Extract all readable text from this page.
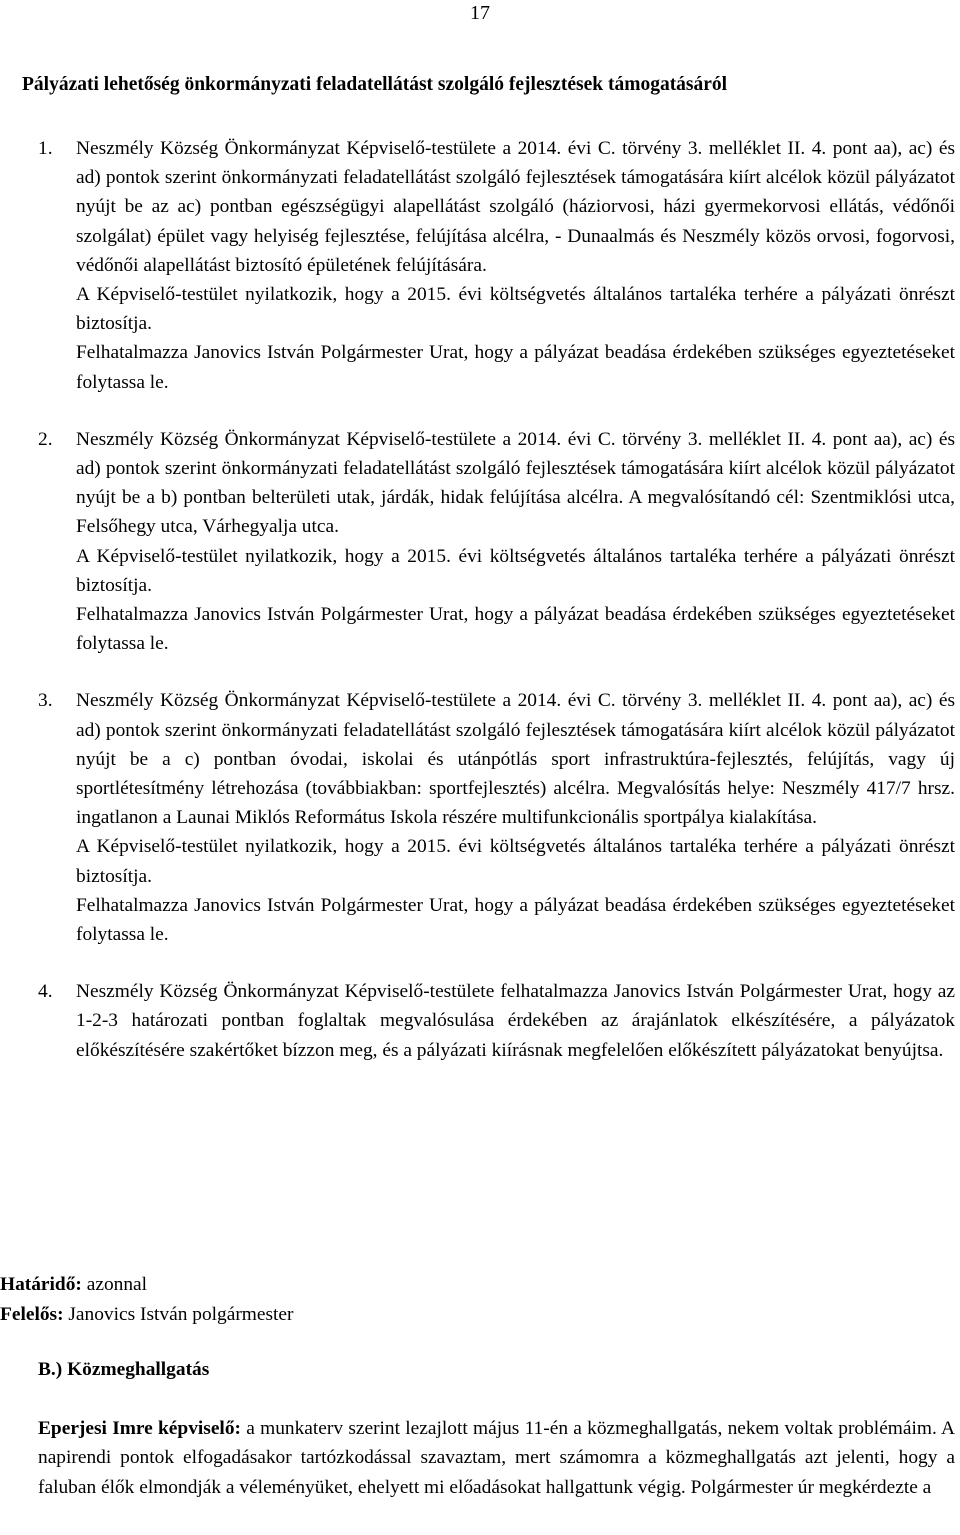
17
Pályázati lehetőség önkormányzati feladatellátást szolgáló fejlesztések támogatásáról
1. Neszmély Község Önkormányzat Képviselő-testülete a 2014. évi C. törvény 3. melléklet II. 4. pont aa), ac) és ad) pontok szerint önkormányzati feladatellátást szolgáló fejlesztések támogatására kiírt alcélok közül pályázatot nyújt be az ac) pontban egészségügyi alapellátást szolgáló (háziorvosi, házi gyermekorvosi ellátás, védőnői szolgálat) épület vagy helyiség fejlesztése, felújítása alcélra, - Dunaalmás és Neszmély közös orvosi, fogorvosi, védőnői alapellátást biztosító épületének felújítására.

A Képviselő-testület nyilatkozik, hogy a 2015. évi költségvetés általános tartaléka terhére a pályázati önrészt biztosítja.

Felhatalmazza Janovics István Polgármester Urat, hogy a pályázat beadása érdekében szükséges egyeztetéseket folytassa le.

2. Neszmély Község Önkormányzat Képviselő-testülete a 2014. évi C. törvény 3. melléklet II. 4. pont aa), ac) és ad) pontok szerint önkormányzati feladatellátást szolgáló fejlesztések támogatására kiírt alcélok közül pályázatot nyújt be a b) pontban belterületi utak, járdák, hidak felújítása alcélra. A megvalósítandó cél: Szentmiklósi utca, Felsőhegy utca, Várhegyalja utca.

A Képviselő-testület nyilatkozik, hogy a 2015. évi költségvetés általános tartaléka terhére a pályázati önrészt biztosítja.

Felhatalmazza Janovics István Polgármester Urat, hogy a pályázat beadása érdekében szükséges egyeztetéseket folytassa le.

3. Neszmély Község Önkormányzat Képviselő-testülete a 2014. évi C. törvény 3. melléklet II. 4. pont aa), ac) és ad) pontok szerint önkormányzati feladatellátást szolgáló fejlesztések támogatására kiírt alcélok közül pályázatot nyújt be a c) pontban óvodai, iskolai és utánpótlás sport infrastruktúra-fejlesztés, felújítás, vagy új sportlétesítmény létrehozása (továbbiakban: sportfejlesztés) alcélra. Megvalósítás helye: Neszmély 417/7 hrsz. ingatlanon a Launai Miklós Református Iskola részére multifunkcionális sportpálya kialakítása.

A Képviselő-testület nyilatkozik, hogy a 2015. évi költségvetés általános tartaléka terhére a pályázati önrészt biztosítja.

Felhatalmazza Janovics István Polgármester Urat, hogy a pályázat beadása érdekében szükséges egyeztetéseket folytassa le.

4. Neszmély Község Önkormányzat Képviselő-testülete felhatalmazza Janovics István Polgármester Urat, hogy az 1-2-3 határozati pontban foglaltak megvalósulása érdekében az árajánlatok elkészítésére, a pályázatok előkészítésére szakértőket bízzon meg, és a pályázati kiírásnak megfelelően előkészített pályázatokat benyújtsa.

Határidő: azonnal
Felelős: Janovics István polgármester
B.) Közmeghallgatás
Eperjesi Imre képviselő: a munkaterv szerint lezajlott május 11-én a közmeghallgatás, nekem voltak problémáim. A napirendi pontok elfogadásakor tartózkodással szavaztam, mert számomra a közmeghallgatás azt jelenti, hogy a faluban élők elmondják a véleményüket, ehelyett mi előadásokat hallgattunk végig. Polgármester úr megkérdezte a
